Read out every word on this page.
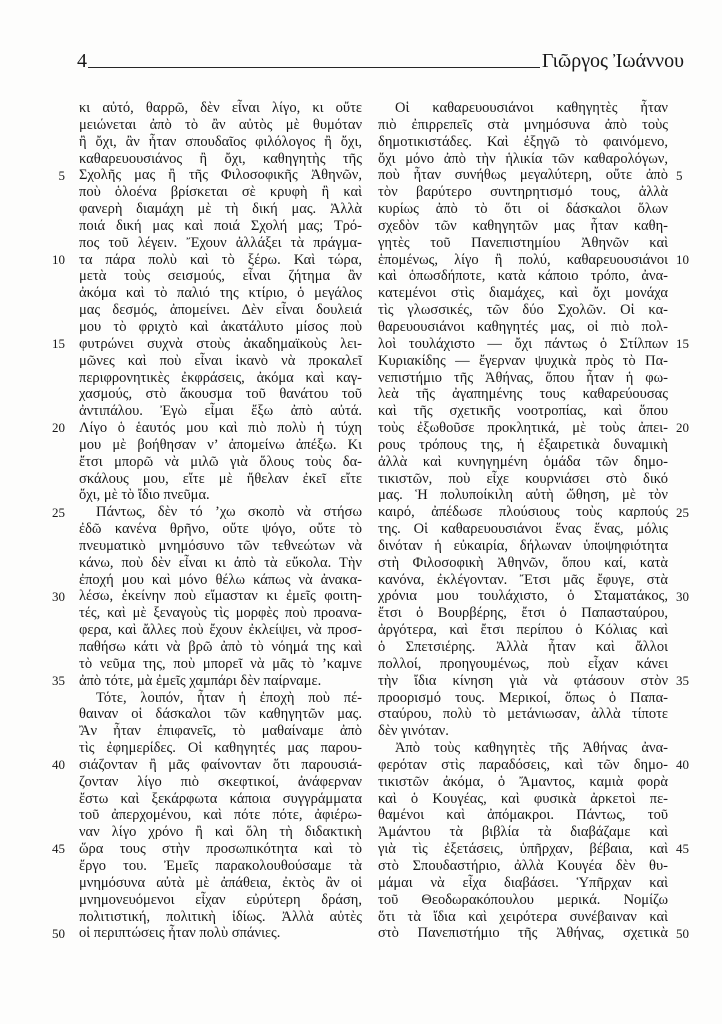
4	Γιῶργος Ἰωάννου
5
10
15
20
25
30
35
40
45
50

κι αὐτό, θαρρῶ, δὲν εἶναι λίγο, κι οὔτε
μειώνεται ἀπὸ τὸ ἂν αὐτὸς μὲ θυμόταν
ἢ ὄχι, ἂν ἦταν σπουδαῖος φιλόλογος ἢ ὄχι,
καθαρευουσιάνος ἢ ὄχι, καθηγητὴς τῆς
Σχολῆς μας ἢ τῆς Φιλοσοφικῆς Ἀθηνῶν,
ποὺ ὁλοένα βρίσκεται σὲ κρυφὴ ἢ καὶ
φανερὴ διαμάχη μὲ τὴ δική μας. Ἀλλὰ
ποιά δική μας καὶ ποιά Σχολή μας; Τρό-
πος τοῦ λέγειν. Ἔχουν ἀλλάξει τὰ πράγμα-
τα πάρα πολὺ καὶ τὸ ξέρω. Καὶ τώρα,
μετὰ τοὺς σεισμούς, εἶναι ζήτημα ἂν
ἀκόμα καὶ τὸ παλιό της κτίριο, ὁ μεγάλος
μας δεσμός, ἀπομείνει. Δὲν εἶναι δουλειά
μου τὸ φριχτὸ καὶ ἀκατάλυτο μίσος ποὺ
φυτρώνει συχνὰ στοὺς ἀκαδημαϊκοὺς λει-
μῶνες καὶ ποὺ εἶναι ἱκανὸ νὰ προκαλεῖ
περιφρονητικὲς ἐκφράσεις, ἀκόμα καὶ καγ-
χασμούς, στὸ ἄκουσμα τοῦ θανάτου τοῦ
ἀντιπάλου. Ἐγὼ εἶμαι ἔξω ἀπὸ αὐτά.
Λίγο ὁ ἑαυτός μου καὶ πιὸ πολὺ ἡ τύχη
μου μὲ βοήθησαν ν’ ἀπομείνω ἀπέξω. Κι
ἔτσι μπορῶ νὰ μιλῶ γιὰ ὅλους τοὺς δα-
σκάλους μου, εἴτε μὲ ἤθελαν ἐκεῖ εἴτε
ὄχι, μὲ τὸ ἴδιο πνεῦμα.

Πάντως, δὲν τό ’χω σκοπὸ νὰ στήσω
ἐδῶ κανένα θρῆνο, οὔτε ψόγο, οὔτε τὸ
πνευματικὸ μνημόσυνο τῶν τεθνεώτων νὰ
κάνω, ποὺ δὲν εἶναι κι ἀπὸ τὰ εὔκολα. Τὴν
ἐποχή μου καὶ μόνο θέλω κάπως νὰ ἀνακα-
λέσω, ἐκείνην ποὺ εἴμασταν κι ἐμεῖς φοιτη-
τές, καὶ μὲ ξεναγοὺς τὶς μορφὲς ποὺ προανα-
φερα, καὶ ἄλλες ποὺ ἔχουν ἐκλείψει, νὰ προσ-
παθήσω κάτι νὰ βρῶ ἀπὸ τὸ νόημά της καὶ
τὸ νεῦμα της, ποὺ μπορεῖ νὰ μᾶς τὸ ’καμνε
ἀπὸ τότε, μὰ ἐμεῖς χαμπάρι δὲν παίρναμε.

Τότε, λοιπόν, ἦταν ἡ ἐποχὴ ποὺ πέ-
θαιναν οἱ δάσκαλοι τῶν καθηγητῶν μας.
Ἂν ἦταν ἐπιφανεῖς, τὸ μαθαίναμε ἀπὸ
τὶς ἐφημερίδες. Οἱ καθηγητές μας παρου-
σιάζονταν ἢ μᾶς φαίνονταν ὅτι παρουσιά-
ζονταν λίγο πιὸ σκεφτικοί, ἀνάφερναν
ἔστω καὶ ξεκάρφωτα κάποια συγγράμματα
τοῦ ἀπερχομένου, καὶ πότε πότε, ἀφιέρω-
ναν λίγο χρόνο ἢ καὶ ὅλη τὴ διδακτικὴ
ὥρα τους στὴν προσωπικότητα καὶ τὸ
ἔργο του. Ἐμεῖς παρακολουθούσαμε τὰ
μνημόσυνα αὐτὰ μὲ ἀπάθεια, ἐκτὸς ἂν οἱ
μνημονευόμενοι εἶχαν εὐρύτερη δράση,
πολιτιστική, πολιτικὴ ἰδίως. Ἀλλὰ αὐτὲς
οἱ περιπτώσεις ἦταν πολὺ σπάνιες.

Οἱ καθαρευουσιάνοι καθηγητὲς ἦταν
πιὸ ἐπιρρεπεῖς στὰ μνημόσυνα ἀπὸ τοὺς
δημοτικιστάδες. Καὶ ἐξηγῶ τὸ φαινόμενο,
ὄχι μόνο ἀπὸ τὴν ἡλικία τῶν καθαρολόγων,
ποὺ ἦταν συνήθως μεγαλύτερη, οὔτε ἀπὸ
τὸν βαρύτερο συντηρητισμό τους, ἀλλὰ
κυρίως ἀπὸ τὸ ὅτι οἱ δάσκαλοι ὅλων
σχεδὸν τῶν καθηγητῶν μας ἦταν καθη-
γητὲς τοῦ Πανεπιστημίου Ἀθηνῶν καὶ
ἑπομένως, λίγο ἢ πολύ, καθαρευουσιάνοι
καὶ ὁπωσδήποτε, κατὰ κάποιο τρόπο, ἀνα-
κατεμένοι στὶς διαμάχες, καὶ ὄχι μονάχα
τὶς γλωσσικές, τῶν δύο Σχολῶν. Οἱ κα-
θαρευουσιάνοι καθηγητές μας, οἱ πιὸ πολ-
λοὶ τουλάχιστο — ὄχι πάντως ὁ Στίλπων
Κυριακίδης — ἔγερναν ψυχικὰ πρὸς τὸ Πα-
νεπιστήμιο τῆς Ἀθήνας, ὅπου ἦταν ἡ φω-
λεὰ τῆς ἀγαπημένης τους καθαρεύουσας
καὶ τῆς σχετικῆς νοοτροπίας, καὶ ὅπου
τοὺς ἐξωθοῦσε προκλητικά, μὲ τοὺς ἀπει-
ρους τρόπους της, ἡ ἐξαιρετικὰ δυναμικὴ
ἀλλὰ καὶ κυνηγημένη ὁμάδα τῶν δημο-
τικιστῶν, ποὺ εἶχε κουρνιάσει στὸ δικό
μας. Ἡ πολυποίκιλη αὐτὴ ὤθηση, μὲ τὸν
καιρό, ἀπέδωσε πλούσιους τοὺς καρπούς
της. Οἱ καθαρευουσιάνοι ἕνας ἕνας, μόλις
δινόταν ἡ εὐκαιρία, δήλωναν ὑποψηφιότητα
στὴ Φιλοσοφικὴ Ἀθηνῶν, ὅπου καί, κατὰ
κανόνα, ἐκλέγονταν. Ἔτσι μᾶς ἔφυγε, στὰ
χρόνια μου τουλάχιστο, ὁ Σταματάκος,
ἔτσι ὁ Βουρβέρης, ἔτσι ὁ Παπασταύρου,
ἀργότερα, καὶ ἔτσι περίπου ὁ Κόλιας καὶ
ὁ Σπετσιέρης. Ἀλλὰ ἦταν καὶ ἄλλοι
πολλοί, προηγουμένως, ποὺ εἶχαν κάνει
τὴν ἴδια κίνηση γιὰ νὰ φτάσουν στὸν
προορισμό τους. Μερικοί, ὅπως ὁ Παπα-
σταύρου, πολὺ τὸ μετάνιωσαν, ἀλλὰ τίποτε
δὲν γινόταν.

Ἀπὸ τοὺς καθηγητὲς τῆς Ἀθήνας ἀνα-
φερόταν στὶς παραδόσεις, καὶ τῶν δημο-
τικιστῶν ἀκόμα, ὁ Ἄμαντος, καμιὰ φορὰ
καὶ ὁ Κουγέας, καὶ φυσικὰ ἀρκετοὶ πε-
θαμένοι καὶ ἀπόμακροι. Πάντως, τοῦ
Ἀμάντου τὰ βιβλία τὰ διαβάζαμε καὶ
γιὰ τὶς ἐξετάσεις, ὑπῆρχαν, βέβαια, καὶ
στὸ Σπουδαστήριο, ἀλλὰ Κουγέα δὲν θυ-
μάμαι νὰ εἶχα διαβάσει. Ὑπῆρχαν καὶ
τοῦ Θεοδωρακόπουλου μερικά. Νομίζω
ὅτι τὰ ἴδια καὶ χειρότερα συνέβαιναν καὶ
στὸ Πανεπιστήμιο τῆς Ἀθήνας, σχετικὰ

5
10
15
20
25
30
35
40
45
50
